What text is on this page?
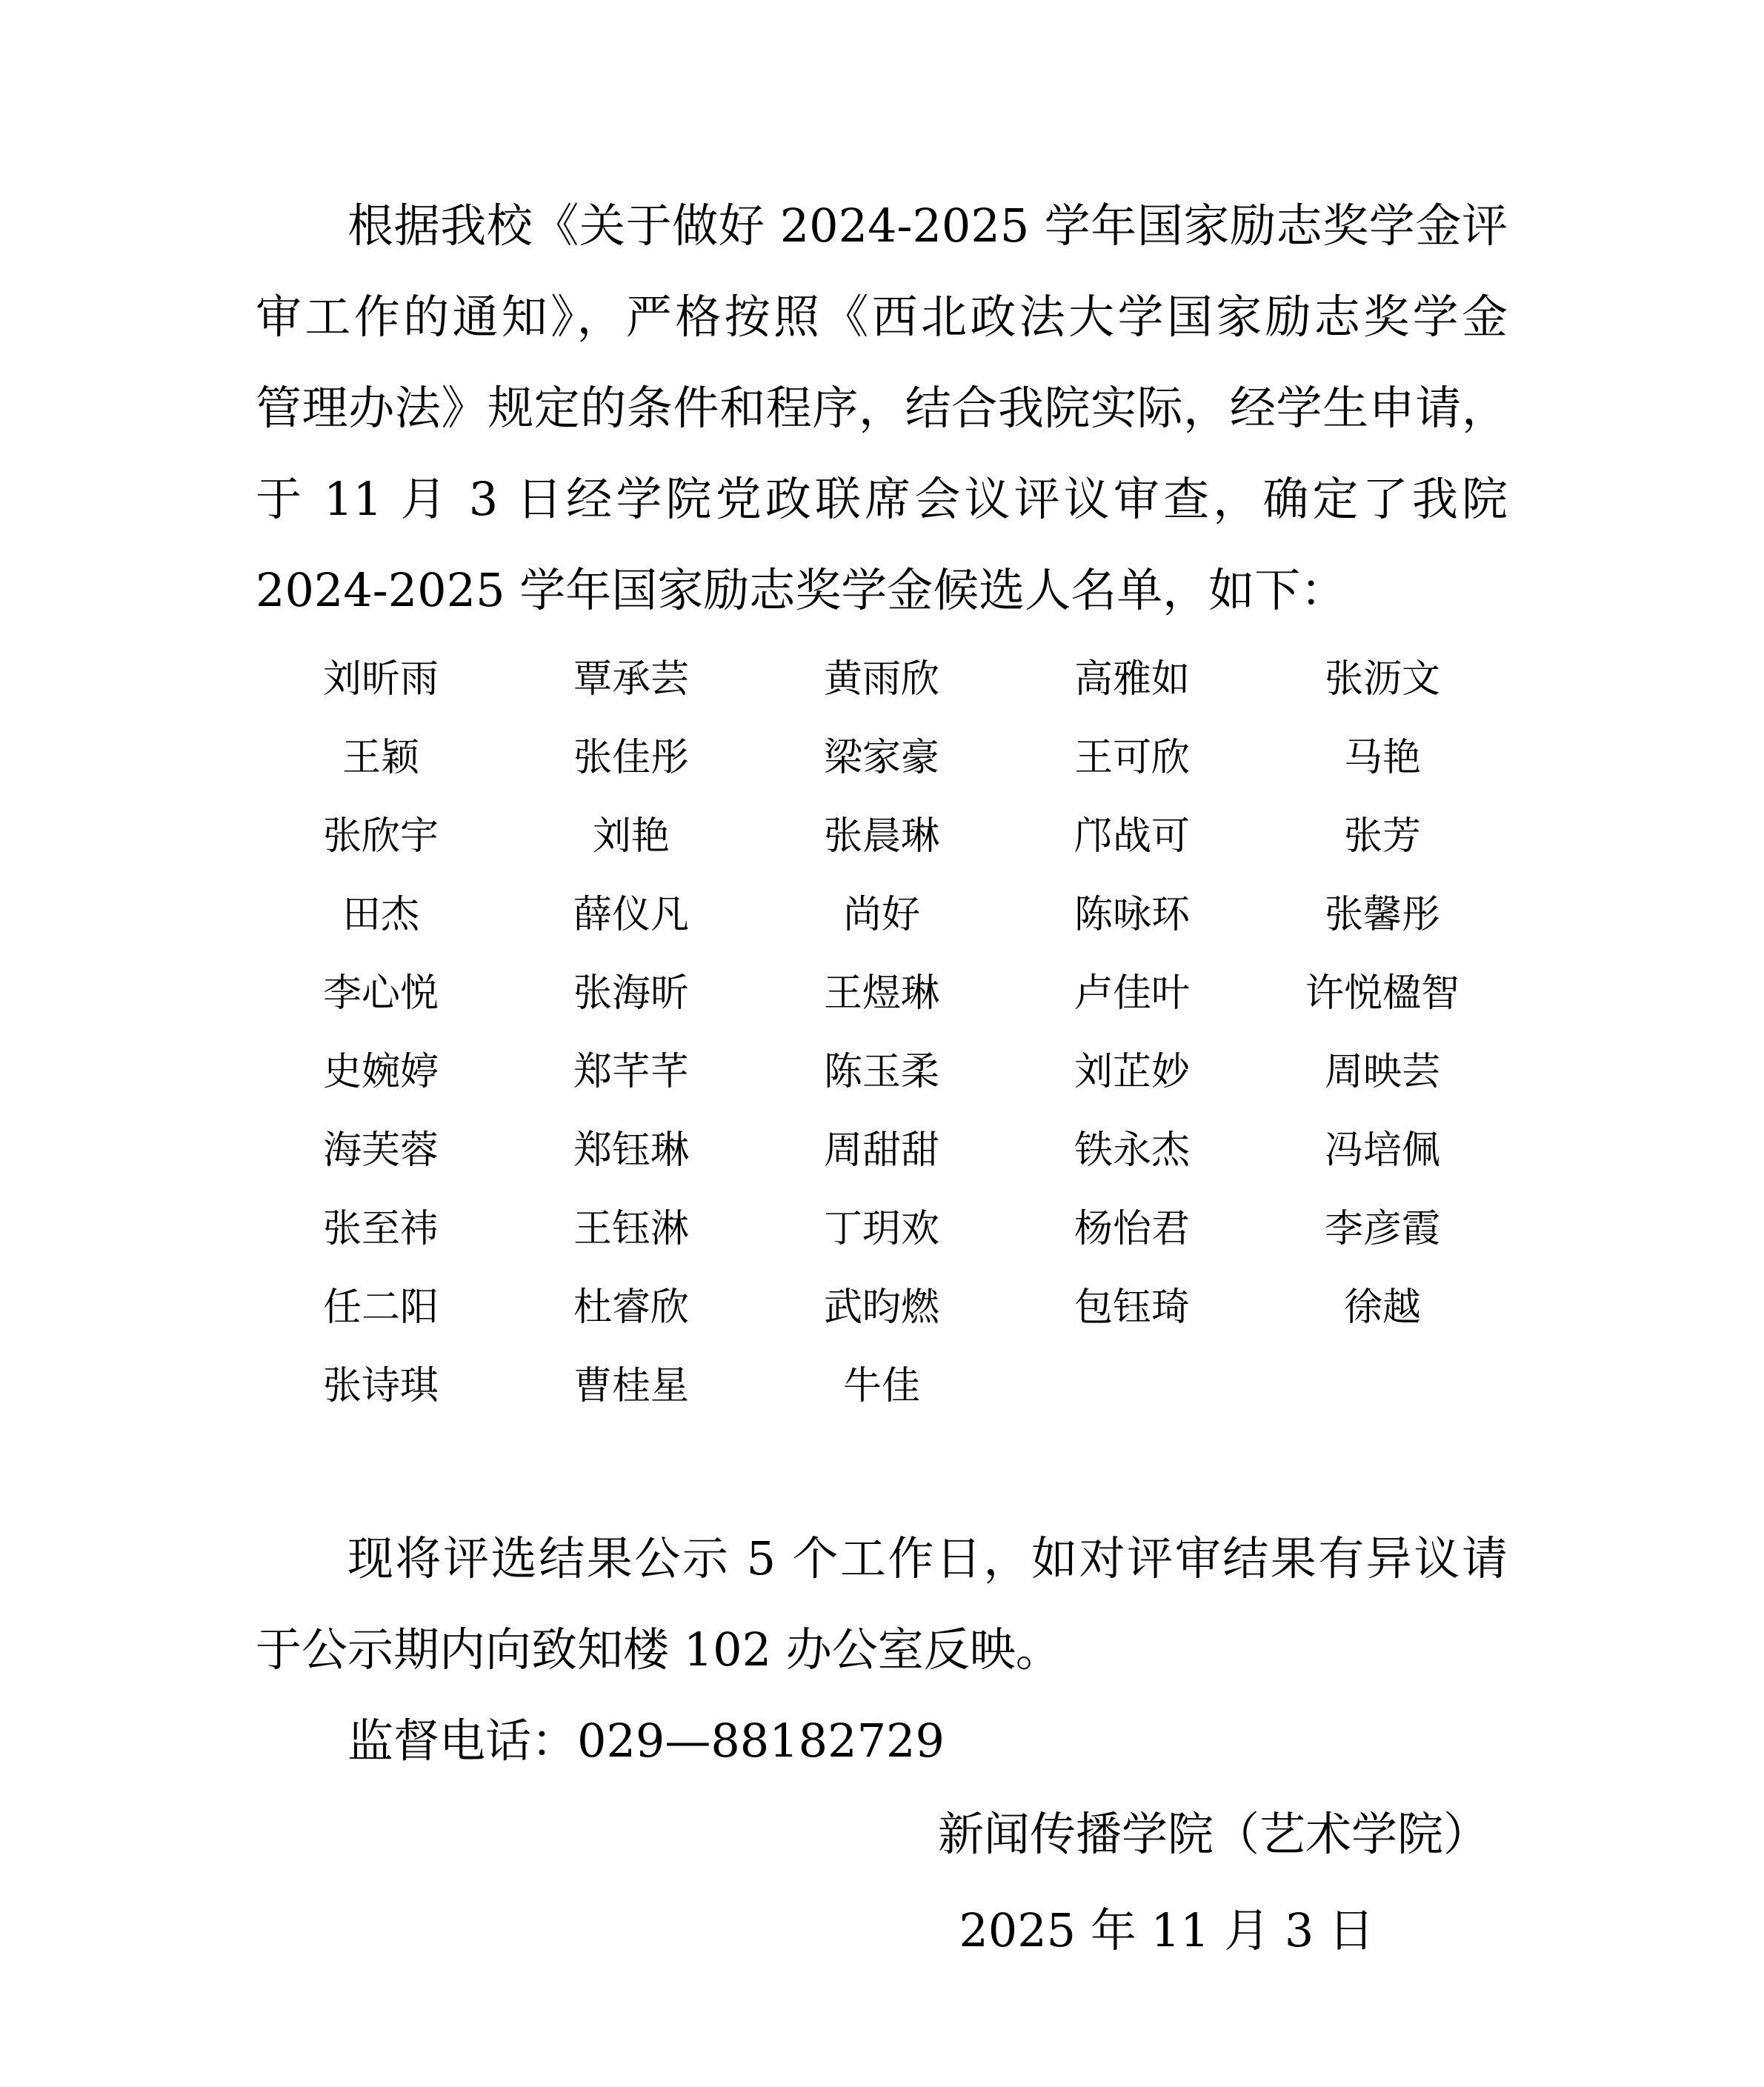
根据我校《关于做好 2024-2025 学年国家励志奖学金评
审工作的通知》，严格按照《西北政法大学国家励志奖学金
管理办法》规定的条件和程序，结合我院实际，经学生申请，
于 11 月 3 日经学院党政联席会议评议审查，确定了我院
2024-2025 学年国家励志奖学金候选人名单，如下：
刘昕雨	覃承芸	黄雨欣	高雅如	张沥文
王颖	张佳彤	梁家豪	王可欣	马艳
张欣宇	刘艳	张晨琳	邝战可	张芳
田杰	薛仪凡	尚好	陈咏环	张馨彤
李心悦	张海昕	王煜琳	卢佳叶	许悦楹智
史婉婷	郑芊芊	陈玉柔	刘芷妙	周映芸
海芙蓉	郑钰琳	周甜甜	铁永杰	冯培佩
张至祎	王钰淋	丁玥欢	杨怡君	李彦霞
任二阳	杜睿欣	武昀燃	包钰琦	徐越
张诗琪	曹桂星	牛佳
现将评选结果公示 5 个工作日，如对评审结果有异议请
于公示期内向致知楼 102 办公室反映。
监督电话：029—88182729
新闻传播学院（艺术学院）
2025 年 11 月 3 日
